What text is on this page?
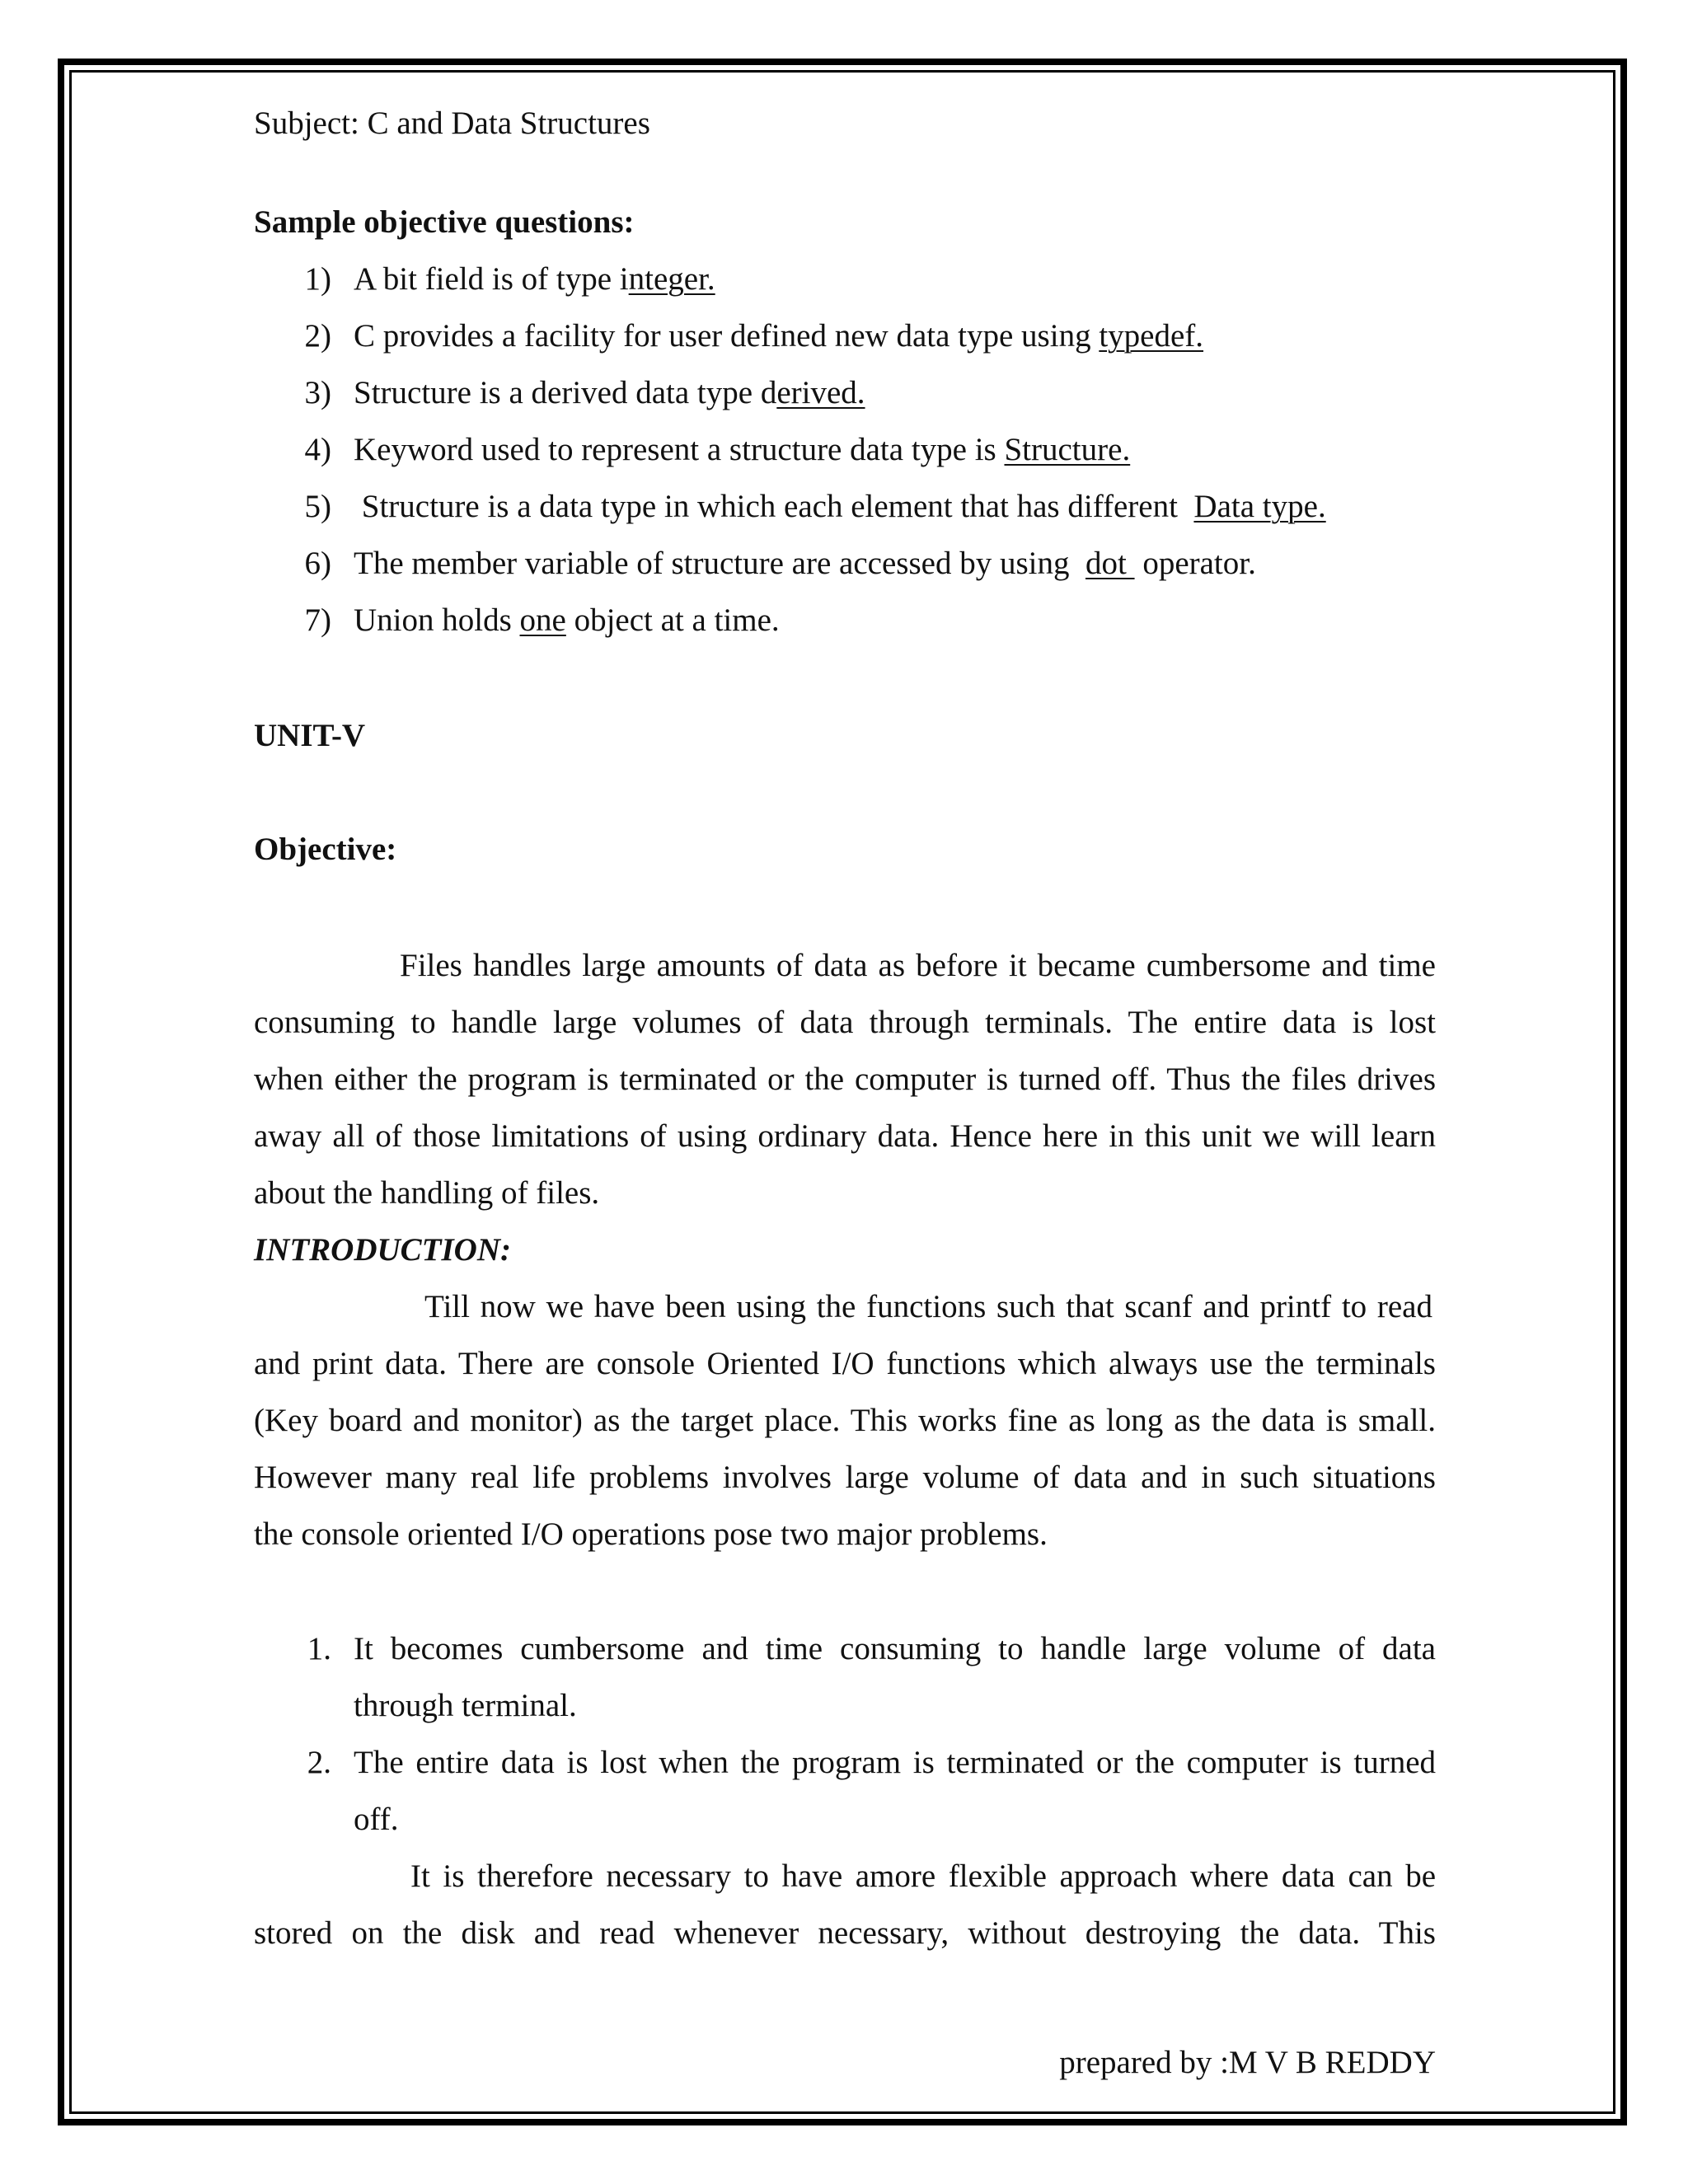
Subject: C and Data Structures
Sample objective questions:
1) A bit field is of type integer.
2) C provides a facility for user defined new data type using typedef.
3) Structure is a derived data type derived.
4) Keyword used to represent a structure data type is Structure.
5) Structure is a data type in which each element that has different  Data type.
6) The member variable of structure are accessed by using  dot  operator.
7) Union holds one object at a time.
UNIT-V
Objective:
Files handles large amounts of data as before it became cumbersome and time
consuming to handle large volumes of data through terminals. The entire data is lost
when either the program is terminated or the computer is turned off. Thus the files drives
away all of those limitations of using ordinary data. Hence here in this unit we will learn
about the handling of files.
INTRODUCTION:
Till now we have been using the functions such that scanf and printf to read
and print data. There are console Oriented I/O functions which always use the terminals
(Key board and monitor) as the target place. This works fine as long as the data is small.
However many real life problems involves large volume of data and in such situations
the console oriented I/O operations pose two major problems.
1. It becomes cumbersome and time consuming to handle large volume of data
through terminal.
2. The entire data is lost when the program is terminated or the computer is turned
off.
It is therefore necessary to have amore flexible approach where data can be
stored on the disk and read whenever necessary, without destroying the data. This
prepared by :M V B REDDY
